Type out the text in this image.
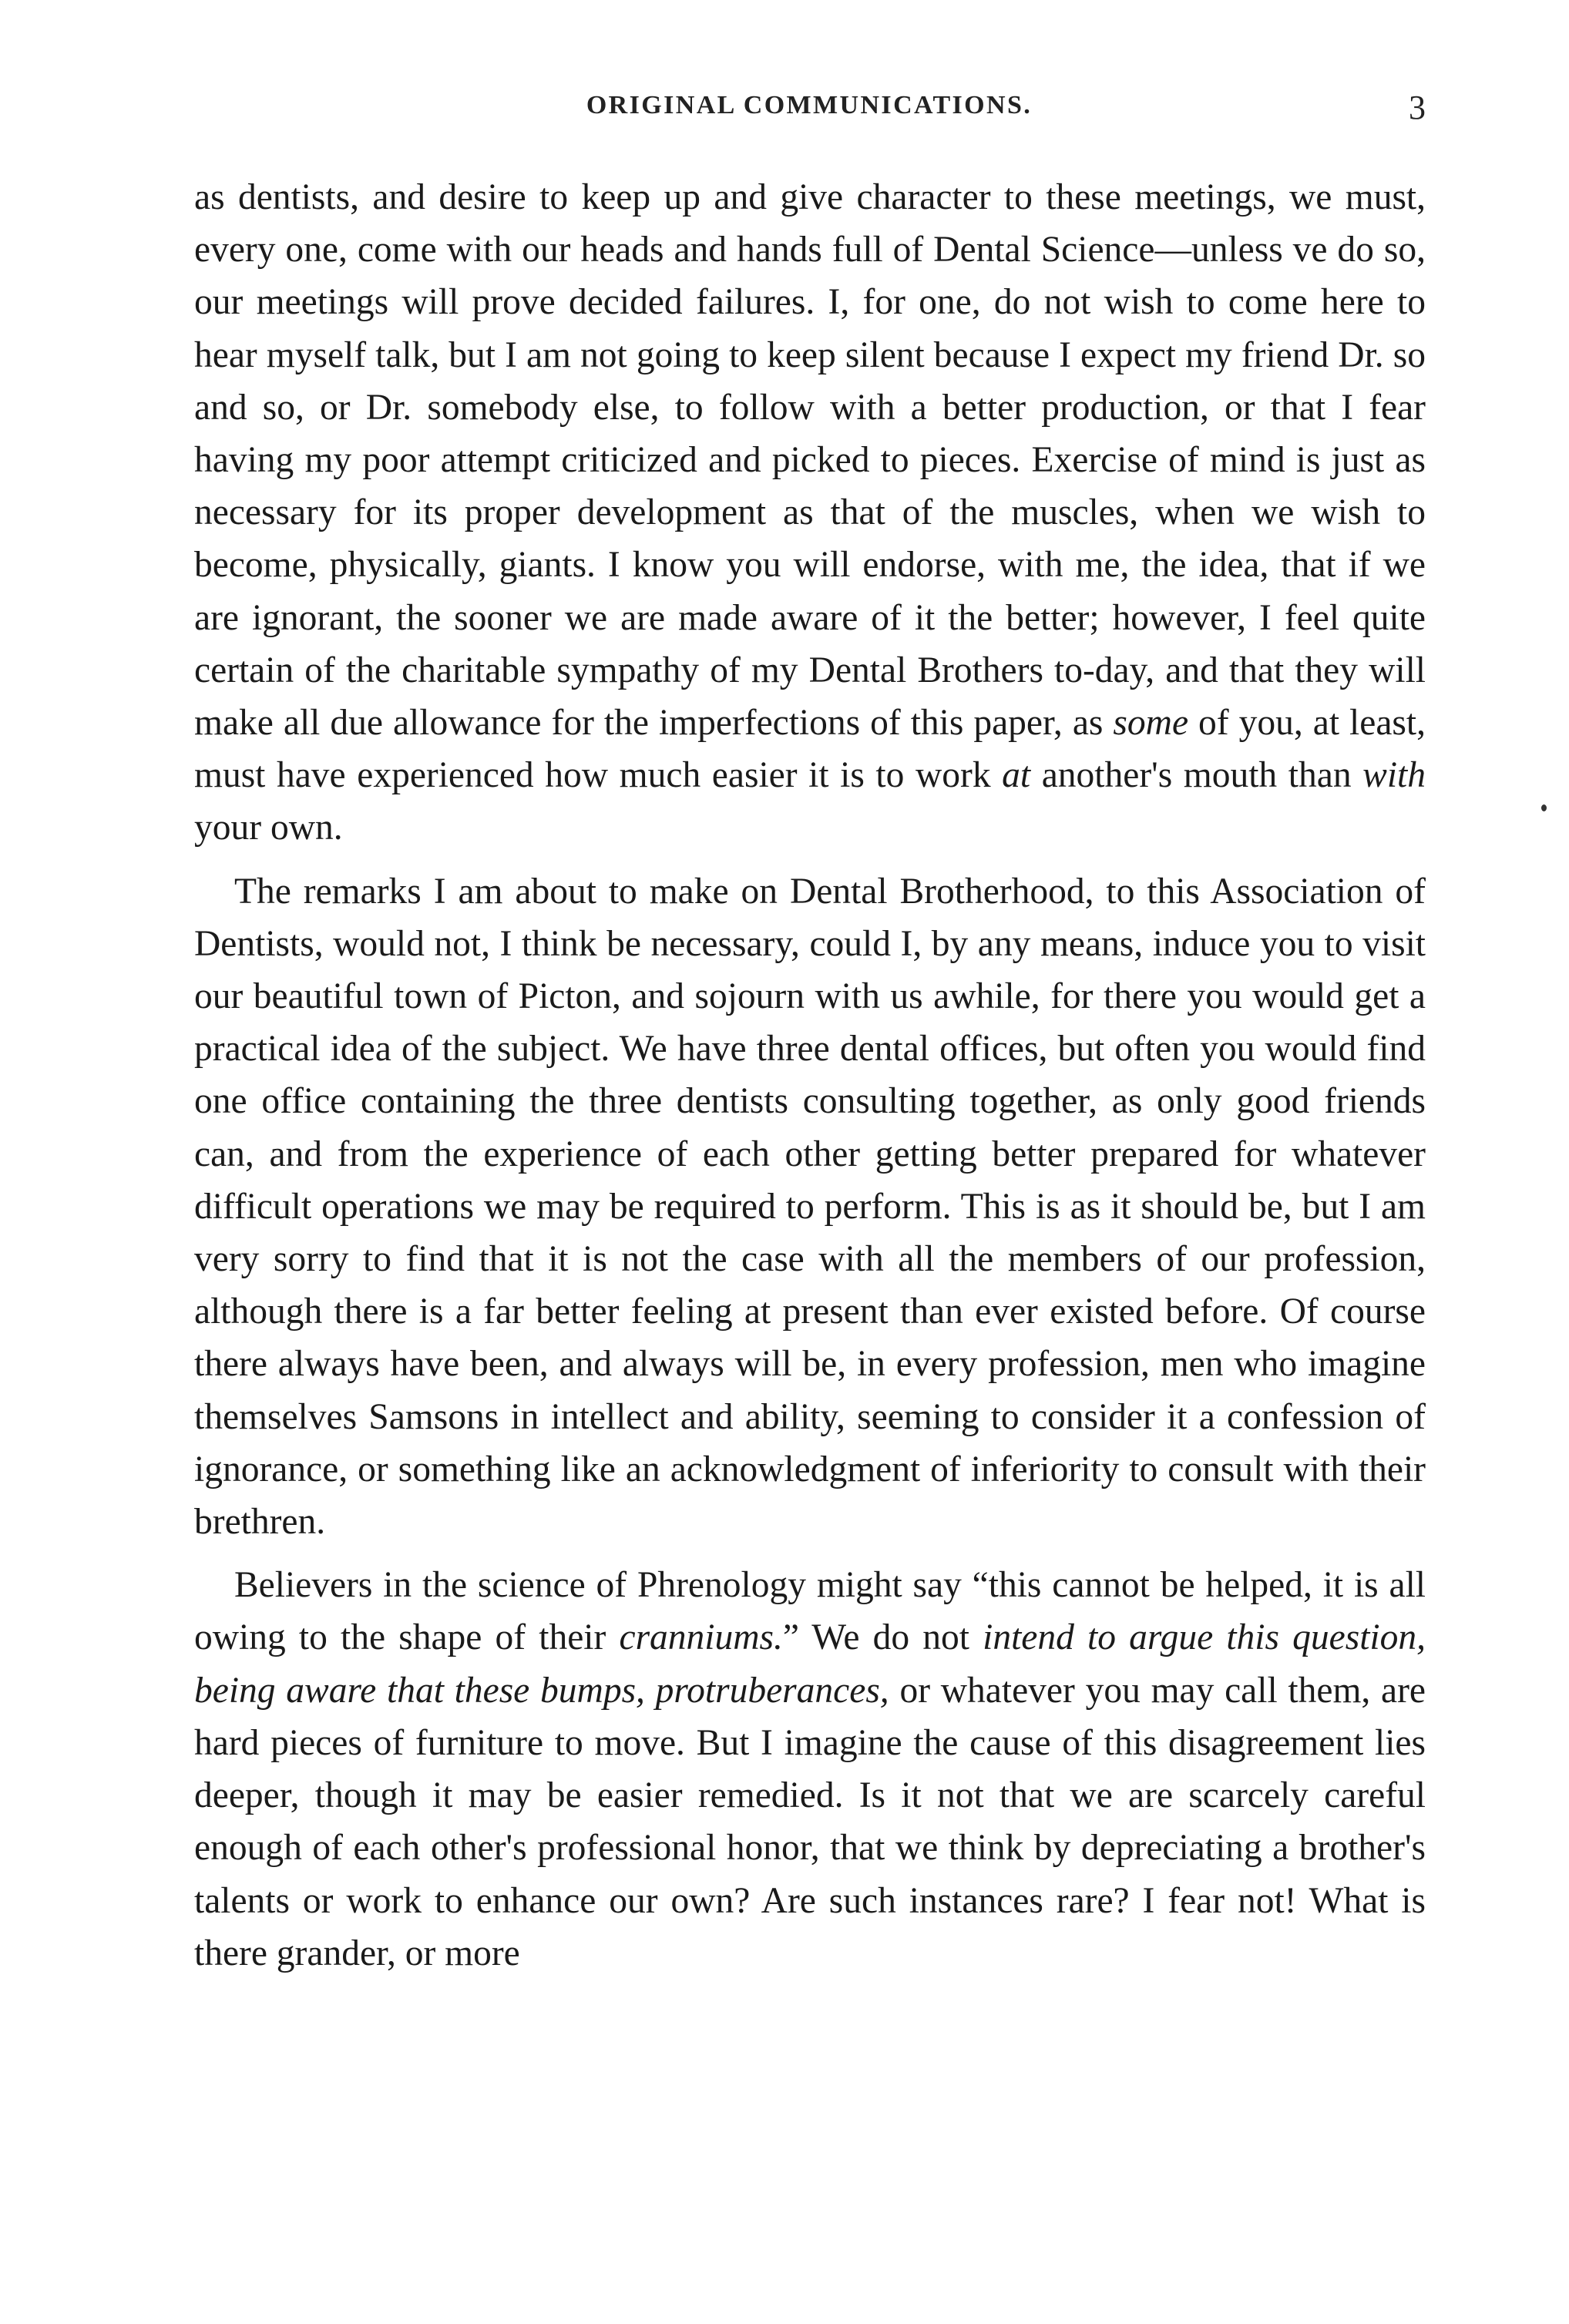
ORIGINAL COMMUNICATIONS.	3

as dentists, and desire to keep up and give character to these meetings, we must, every one, come with our heads and hands full of Dental Science—unless ve do so, our meetings will prove decided failures. I, for one, do not wish to come here to hear myself talk, but I am not going to keep silent because I expect my friend Dr. so and so, or Dr. somebody else, to follow with a better production, or that I fear having my poor attempt criticized and picked to pieces. Exercise of mind is just as necessary for its proper development as that of the muscles, when we wish to become, physically, giants. I know you will endorse, with me, the idea, that if we are ignorant, the sooner we are made aware of it the better; however, I feel quite certain of the charitable sympathy of my Dental Brothers to-day, and that they will make all due allowance for the imperfections of this paper, as some of you, at least, must have experienced how much easier it is to work at another's mouth than with your own.

The remarks I am about to make on Dental Brotherhood, to this Association of Dentists, would not, I think be necessary, could I, by any means, induce you to visit our beautiful town of Picton, and sojourn with us awhile, for there you would get a practical idea of the subject. We have three dental offices, but often you would find one office containing the three dentists consulting together, as only good friends can, and from the experience of each other getting better prepared for whatever difficult operations we may be required to perform. This is as it should be, but I am very sorry to find that it is not the case with all the members of our profession, although there is a far better feeling at present than ever existed before. Of course there always have been, and always will be, in every profession, men who imagine themselves Samsons in intellect and ability, seeming to consider it a confession of ignorance, or something like an acknowledgment of inferiority to consult with their brethren.

Believers in the science of Phrenology might say “this cannot be helped, it is all owing to the shape of their cranniums.” We do not intend to argue this question, being aware that these bumps, protruberances, or whatever you may call them, are hard pieces of furniture to move. But I imagine the cause of this disagreement lies deeper, though it may be easier remedied. Is it not that we are scarcely careful enough of each other's professional honor, that we think by depreciating a brother's talents or work to enhance our own? Are such instances rare? I fear not! What is there grander, or more
